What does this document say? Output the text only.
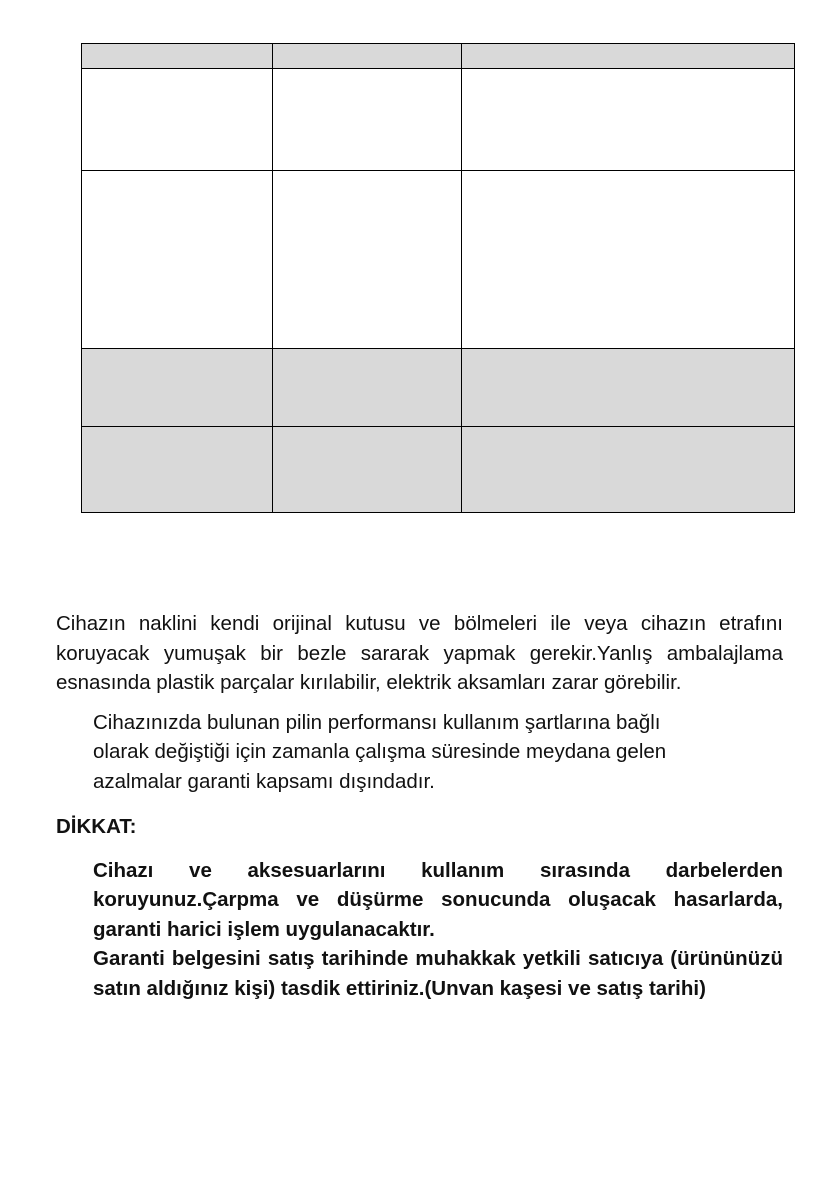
Cihazın naklini kendi orijinal kutusu ve bölmeleri ile veya cihazın etrafını koruyacak yumuşak bir bezle sararak yapmak gerekir.Yanlış ambalajlama esnasında plastik parçalar kırılabilir, elektrik aksamları zarar görebilir.

Cihazınızda bulunan pilin performansı kullanım şartlarına bağlı

olarak değiştiği için zamanla çalışma süresinde meydana gelen

azalmalar garanti kapsamı dışındadır.

DİKKAT:

Cihazı ve aksesuarlarını kullanım sırasında darbelerden koruyunuz.Çarpma ve düşürme sonucunda oluşacak hasarlarda, garanti harici işlem uygulanacaktır.

Garanti belgesini satış tarihinde muhakkak yetkili satıcıya (ürününüzü satın aldığınız kişi) tasdik ettiriniz.(Unvan kaşesi ve satış tarihi)
